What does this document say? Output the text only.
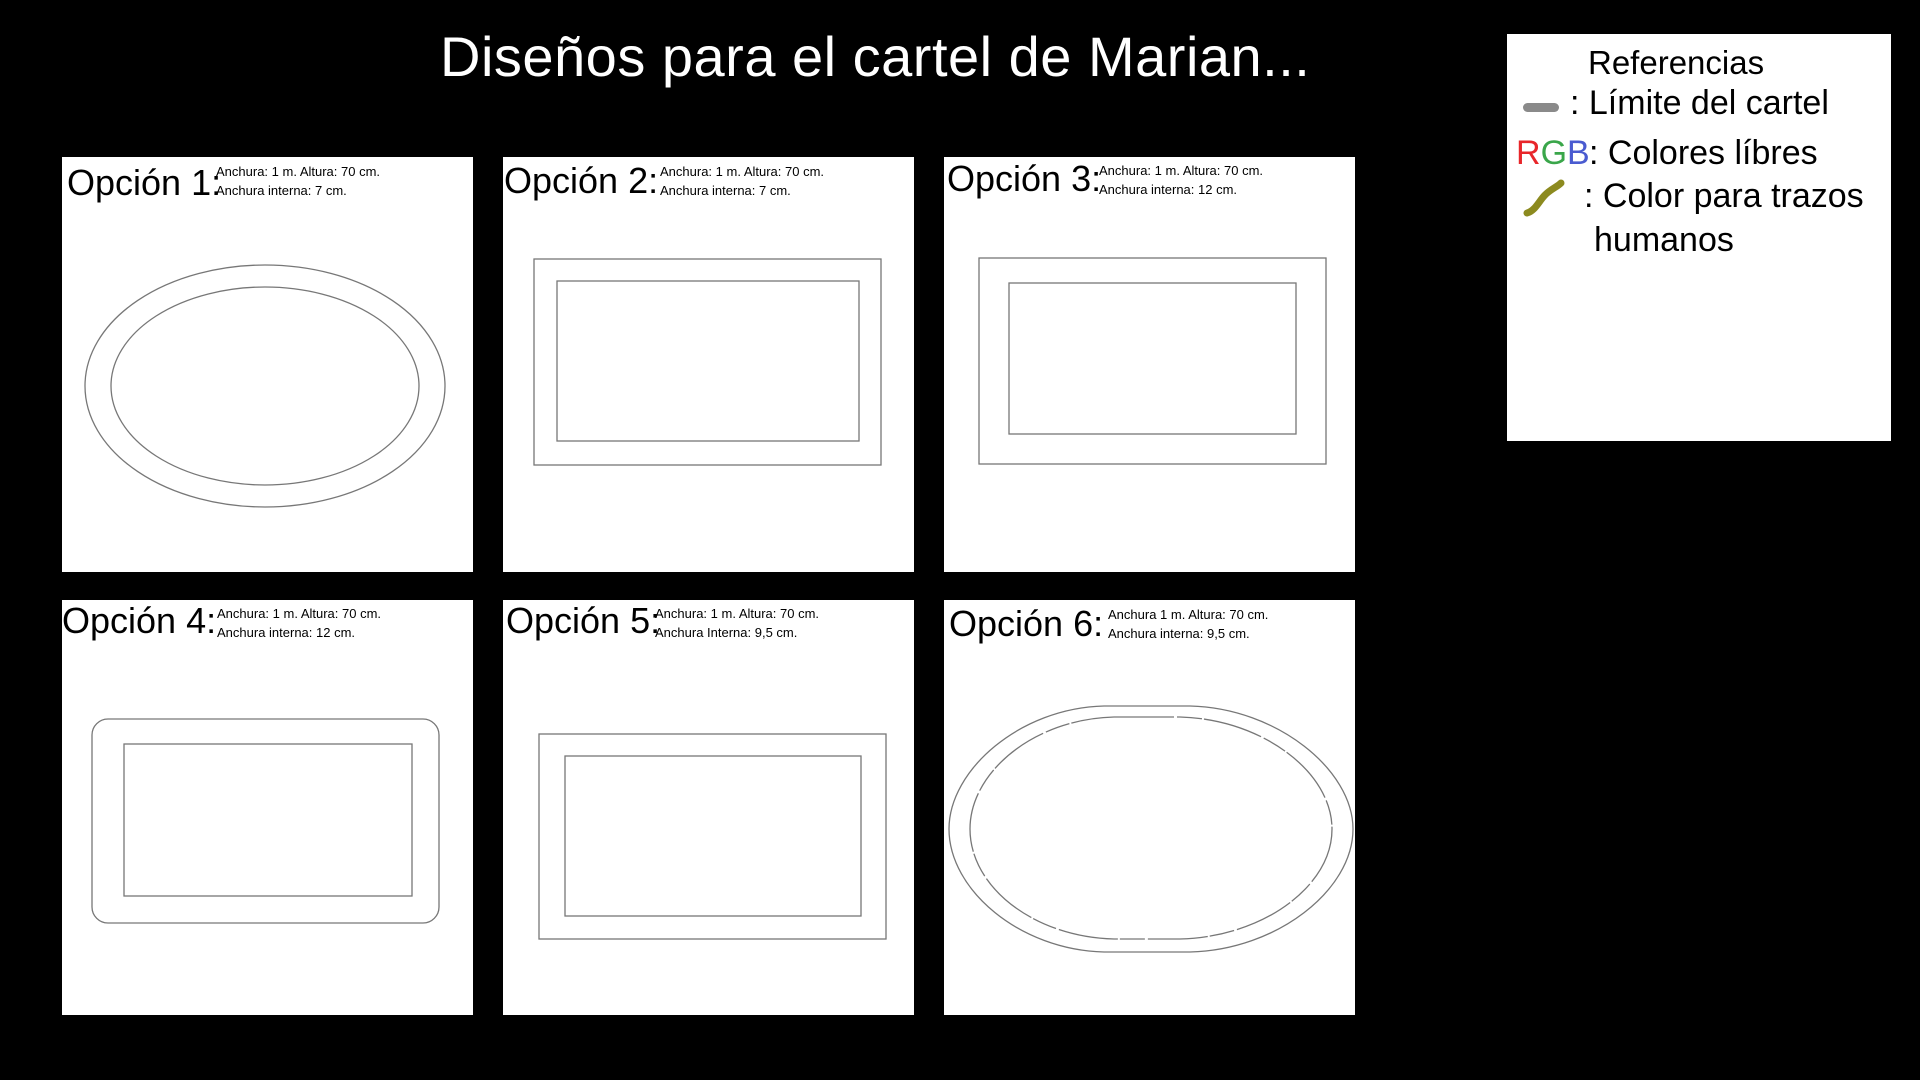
Diseños para el cartel de Marian...
Opción 1:
Anchura: 1 m. Altura: 70 cm.
Anchura interna: 7 cm.	Opción 2: Anchura: 1 m. Altura: 70 cm.
Anchura interna: 7 cm.	Opción 3:
Anchura: 1 m. Altura: 70 cm.
Anchura interna: 12 cm.
Opción 4: Anchura: 1 m. Altura: 70 cm.
Anchura interna: 12 cm.	Opción 5:
Anchura: 1 m. Altura: 70 cm.
Anchura Interna: 9,5 cm.	Opción 6: Anchura 1 m. Altura: 70 cm.
Anchura interna: 9,5 cm.
Referencias
: Límite del cartel
RGB : Colores líbres
: Color para trazos
humanos
